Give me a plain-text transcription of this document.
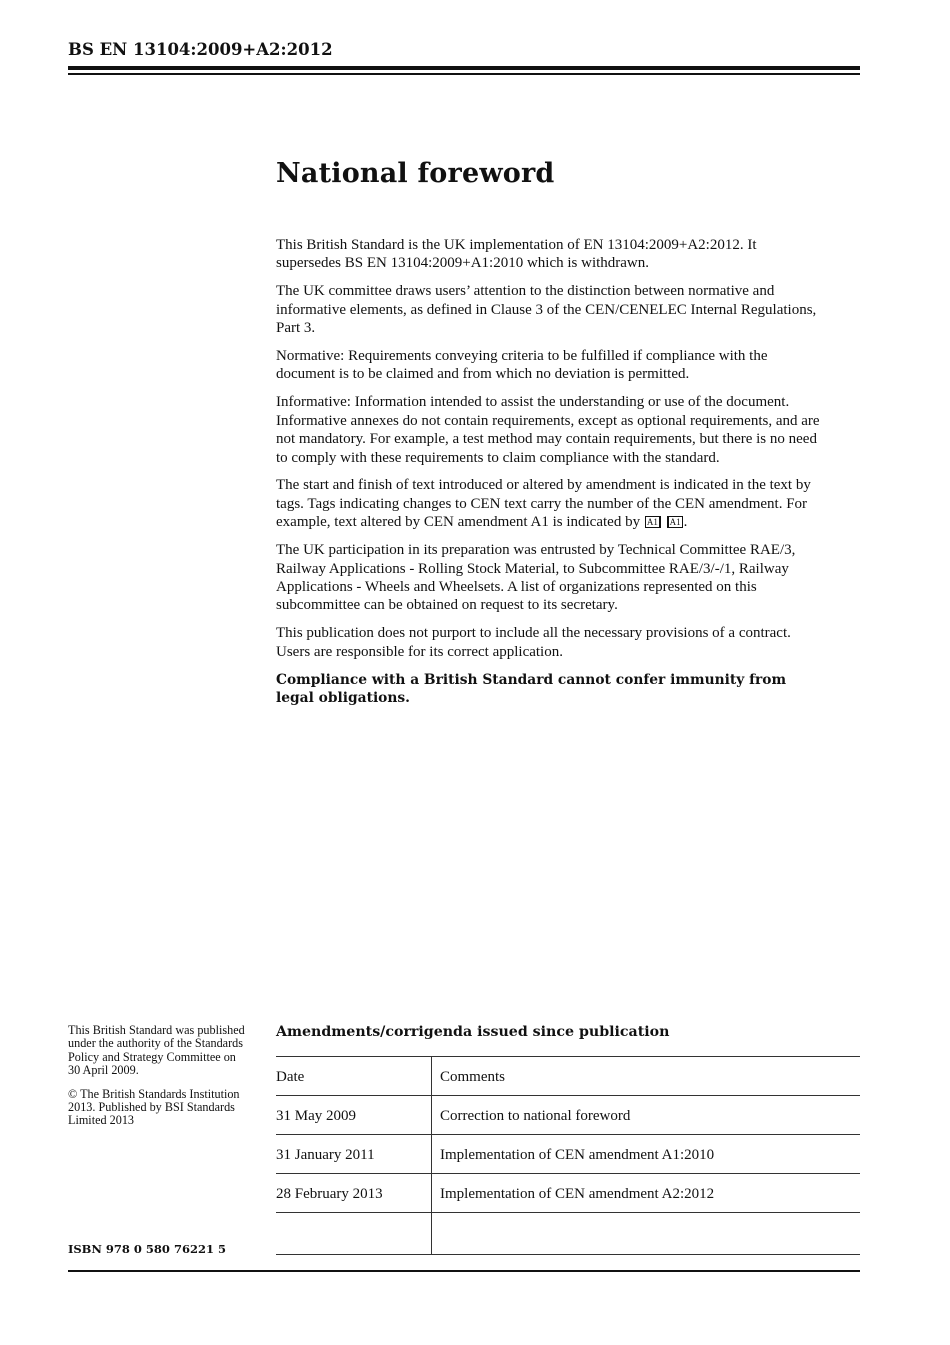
BS EN 13104:2009+A2:2012
National foreword

This British Standard is the UK implementation of EN 13104:2009+A2:2012. It supersedes BS EN 13104:2009+A1:2010 which is withdrawn.

The UK committee draws users’ attention to the distinction between normative and informative elements, as defined in Clause 3 of the CEN/CENELEC Internal Regulations, Part 3.

Normative: Requirements conveying criteria to be fulfilled if compliance with the document is to be claimed and from which no deviation is permitted.

Informative: Information intended to assist the understanding or use of the document. Informative annexes do not contain requirements, except as optional requirements, and are not mandatory. For example, a test method may contain requirements, but there is no need to comply with these requirements to claim compliance with the standard.

The start and finish of text introduced or altered by amendment is indicated in the text by tags. Tags indicating changes to CEN text carry the number of the CEN amendment. For example, text altered by CEN amendment A1 is indicated by A1 A1 .

The UK participation in its preparation was entrusted by Technical Committee RAE/3, Railway Applications - Rolling Stock Material, to Subcommittee RAE/3/-/1, Railway Applications - Wheels and Wheelsets. A list of organizations represented on this subcommittee can be obtained on request to its secretary.

This publication does not purport to include all the necessary provisions of a contract. Users are responsible for its correct application.

Compliance with a British Standard cannot confer immunity from legal obligations.

This British Standard was published under the authority of the Standards Policy and Strategy Committee on 30 April 2009.

© The British Standards Institution 2013. Published by BSI Standards Limited 2013

ISBN 978 0 580 76221 5
Amendments/corrigenda issued since publication
Date	Comments
31 May 2009	Correction to national foreword
31 January 2011	Implementation of CEN amendment A1:2010
28 February 2013	Implementation of CEN amendment A2:2012
